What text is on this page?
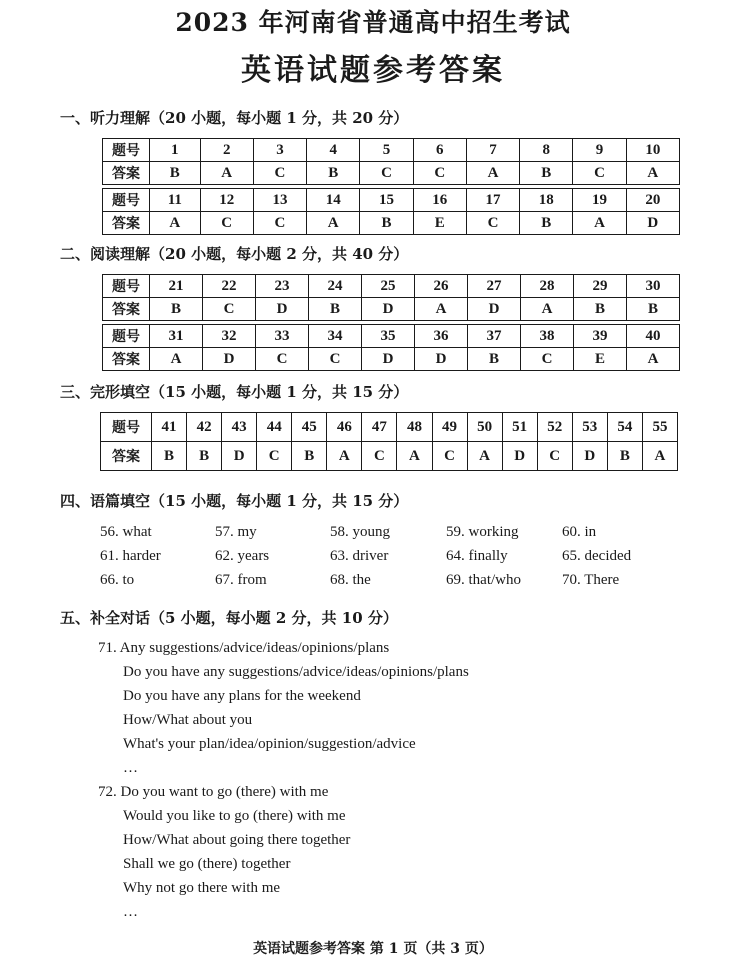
2023 年河南省普通高中招生考试
英语试题参考答案
一、听力理解（20 小题，每小题 1 分，共 20 分）
题号	1	2	3	4	5	6	7	8	9	10
答案	B	A	C	B	C	C	A	B	C	A

题号	11	12	13	14	15	16	17	18	19	20
答案	A	C	C	A	B	E	C	B	A	D
二、阅读理解（20 小题，每小题 2 分，共 40 分）
题号	21	22	23	24	25	26	27	28	29	30
答案	B	C	D	B	D	A	D	A	B	B

题号	31	32	33	34	35	36	37	38	39	40
答案	A	D	C	C	D	D	B	C	E	A
三、完形填空（15 小题，每小题 1 分，共 15 分）
题号	41	42	43	44	45	46	47	48	49	50	51	52	53	54	55
答案	B	B	D	C	B	A	C	A	C	A	D	C	D	B	A
四、语篇填空（15 小题，每小题 1 分，共 15 分）
56. what	57. my	58. young	59. working	60. in
61. harder	62. years	63. driver	64. finally	65. decided
66. to	67. from	68. the	69. that/who	70. There
五、补全对话（5 小题，每小题 2 分，共 10 分）
71. Any suggestions/advice/ideas/opinions/plans
Do you have any suggestions/advice/ideas/opinions/plans
Do you have any plans for the weekend
How/What about you
What's your plan/idea/opinion/suggestion/advice
…
72. Do you want to go (there) with me
Would you like to go (there) with me
How/What about going there together
Shall we go (there) together
Why not go there with me
…
英语试题参考答案 第 1 页（共 3 页）
